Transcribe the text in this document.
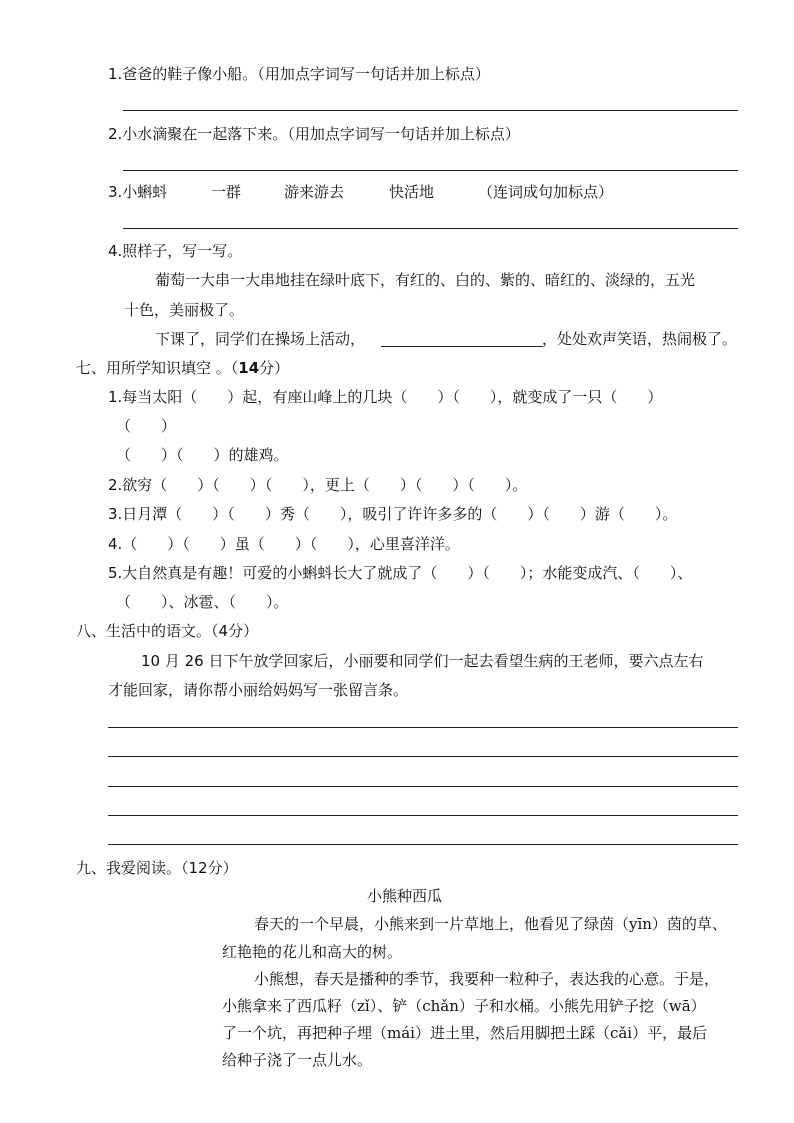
1.爸爸的鞋子像小船。（用加点字词写一句话并加上标点）
2.小水滴聚在一起落下来。（用加点字词写一句话并加上标点）
3.小蝌蚪	一群	游来游去	快活地	（连词成句加标点）
4.照样子，写一写。
葡萄一大串一大串地挂在绿叶底下，有红的、白的、紫的、暗红的、淡绿的，五光
十色，美丽极了。
下课了，同学们在操场上活动，	，处处欢声笑语，热闹极了。
七、用所学知识填空 。（14分）
1.每当太阳（　　）起，有座山峰上的几块（　　）（　　），就变成了一只（　　）
（　　）
（　　）（　　）的雄鸡。
2.欲穷（　　）（　　）（　　），更上（　　）（　　）（　　）。
3.日月潭（　　）（　　）秀（　　），吸引了许许多多的（　　）（　　）游（　　）。
4.（　　）（　　）虽（　　）（　　），心里喜洋洋。
5.大自然真是有趣！可爱的小蝌蚪长大了就成了（　　）（　　）；水能变成汽、（　　）、
（　　）、冰雹、（　　）。
八、生活中的语文。（4分）
10 月 26 日下午放学回家后，小丽要和同学们一起去看望生病的王老师，要六点左右
才能回家，请你帮小丽给妈妈写一张留言条。
九、我爱阅读。（12分）
小熊种西瓜
春天的一个早晨，小熊来到一片草地上，他看见了绿茵（yīn）茵的草、
红艳艳的花儿和高大的树。
小熊想，春天是播种的季节，我要种一粒种子，表达我的心意。于是，
小熊拿来了西瓜籽（zǐ）、铲（chǎn）子和水桶。小熊先用铲子挖（wā）
了一个坑，再把种子埋（mái）进土里，然后用脚把土踩（cǎi）平，最后
给种子浇了一点儿水。
